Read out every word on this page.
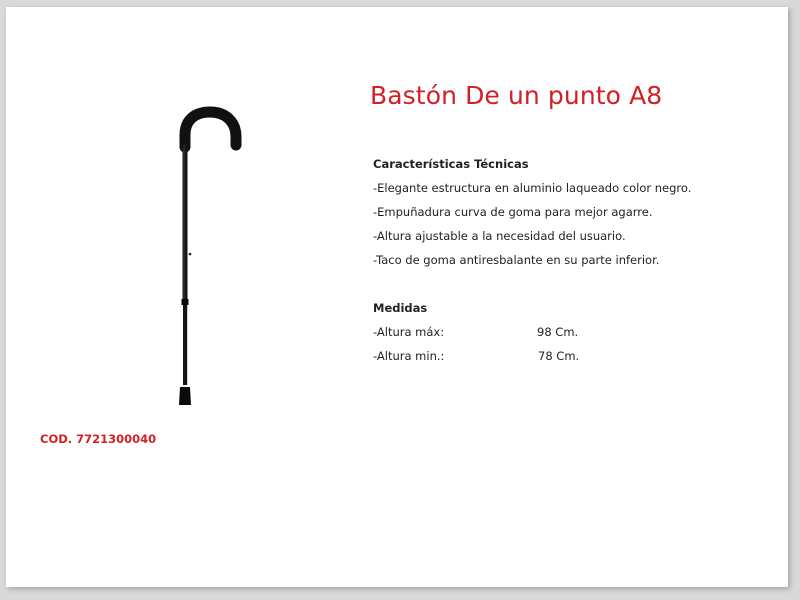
Bastón De un punto A8
Características Técnicas
-Elegante estructura en aluminio laqueado color negro.
-Empuñadura curva de goma para mejor agarre.
-Altura ajustable a la necesidad del usuario.
-Taco de goma antiresbalante en su parte inferior.
Medidas
-Altura máx:	98 Cm.
-Altura min.:	78 Cm.
COD. 7721300040
